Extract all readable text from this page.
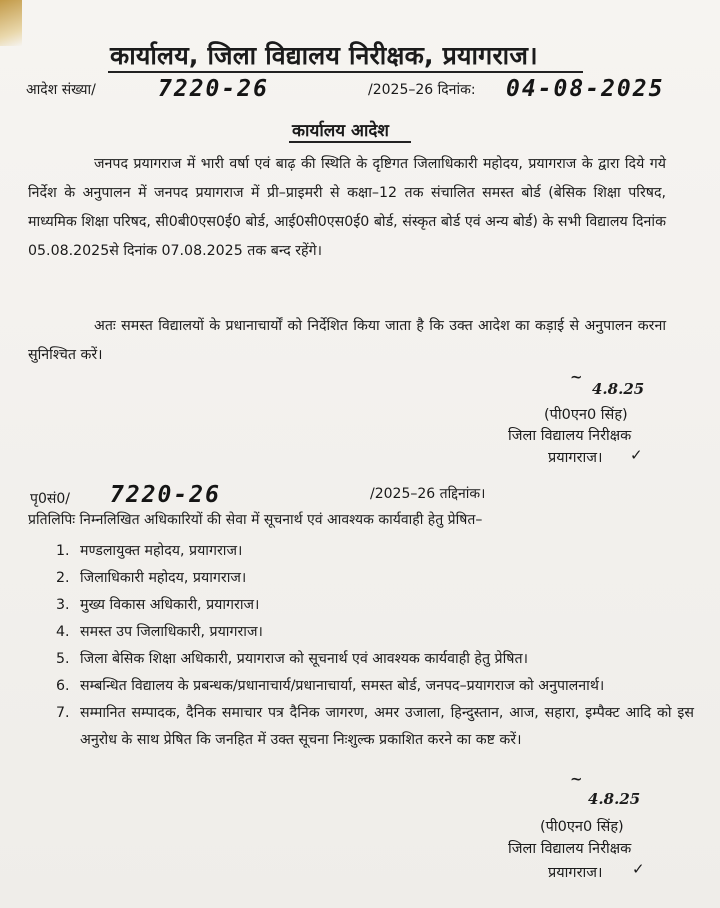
कार्यालय, जिला विद्यालय निरीक्षक, प्रयागराज।
आदेश संख्या/	7220-26	/2025–26 दिनांक: 04-08-2025
कार्यालय आदेश
जनपद प्रयागराज में भारी वर्षा एवं बाढ़ की स्थिति के दृष्टिगत जिलाधिकारी महोदय, प्रयागराज के द्वारा दिये गये निर्देश के अनुपालन में जनपद प्रयागराज में प्री–प्राइमरी से कक्षा–12 तक संचालित समस्त बोर्ड (बेसिक शिक्षा परिषद, माध्यमिक शिक्षा परिषद, सी0बी0एस0ई0 बोर्ड, आई0सी0एस0ई0 बोर्ड, संस्कृत बोर्ड एवं अन्य बोर्ड) के सभी विद्यालय दिनांक 05.08.2025से दिनांक 07.08.2025 तक बन्द रहेंगे।
अतः समस्त विद्यालयों के प्रधानाचार्यों को निर्देशित किया जाता है कि उक्त आदेश का कड़ाई से अनुपालन करना सुनिश्चित करें।
~
4.8.25
(पी0एन0 सिंह)
जिला विद्यालय निरीक्षक
प्रयागराज। ✓
पृ0सं0/ 7220-26	/2025–26 तद्दिनांक।
प्रतिलिपिः निम्नलिखित अधिकारियों की सेवा में सूचनार्थ एवं आवश्यक कार्यवाही हेतु प्रेषित–
1. मण्डलायुक्त महोदय, प्रयागराज।
2. जिलाधिकारी महोदय, प्रयागराज।
3. मुख्य विकास अधिकारी, प्रयागराज।
4. समस्त उप जिलाधिकारी, प्रयागराज।
5. जिला बेसिक शिक्षा अधिकारी, प्रयागराज को सूचनार्थ एवं आवश्यक कार्यवाही हेतु प्रेषित।
6. सम्बन्धित विद्यालय के प्रबन्धक/प्रधानाचार्य/प्रधानाचार्या, समस्त बोर्ड, जनपद–प्रयागराज को अनुपालनार्थ।
7. सम्मानित सम्पादक, दैनिक समाचार पत्र दैनिक जागरण, अमर उजाला, हिन्दुस्तान, आज, सहारा, इम्पैक्ट आदि को इस अनुरोध के साथ प्रेषित कि जनहित में उक्त सूचना निःशुल्क प्रकाशित करने का कष्ट करें।
~
4.8.25
(पी0एन0 सिंह)
जिला विद्यालय निरीक्षक
प्रयागराज। ✓
